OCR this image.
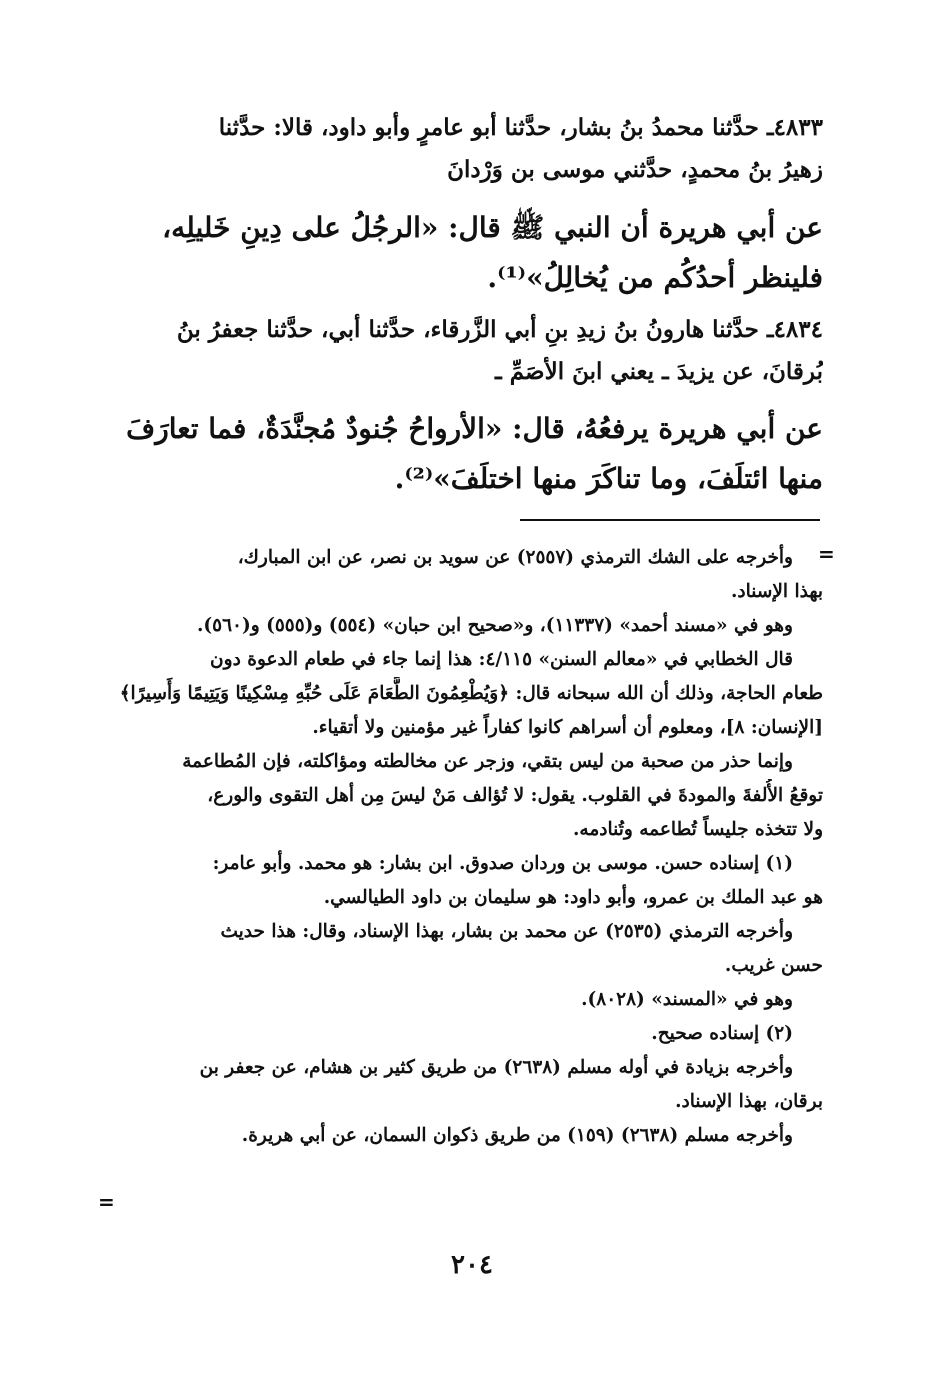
٤٨٣٣ـ حدَّثنا محمدُ بنُ بشار، حدَّثنا أبو عامرٍ وأبو داود، قالا: حدَّثنا
زهيرُ بنُ محمدٍ، حدَّثني موسى بن وَرْدانَ
عن أبي هريرة أن النبي ﷺ قال: «الرجُلُ على دِينِ خَليلِه،
فلينظر أحدُكُم من يُخالِلُ»⁽¹⁾.
٤٨٣٤ـ حدَّثنا هارونُ بنُ زيدِ بنِ أبي الزَّرقاء، حدَّثنا أبي، حدَّثنا جعفرُ بنُ
بُرقانَ، عن يزيدَ ـ يعني ابنَ الأصَمِّ ـ
عن أبي هريرة يرفعُهُ، قال: «الأرواحُ جُنودٌ مُجنَّدَةٌ، فما تعارَفَ
منها ائتلَفَ، وما تناكَرَ منها اختلَفَ»⁽²⁾.
=
=
وأخرجه على الشك الترمذي (٢٥٥٧) عن سويد بن نصر، عن ابن المبارك،
بهذا الإسناد.
وهو في «مسند أحمد» (١١٣٣٧)، و«صحيح ابن حبان» (٥٥٤) و(٥٥٥) و(٥٦٠).
قال الخطابي في «معالم السنن» ٤/١١٥: هذا إنما جاء في طعام الدعوة دون
طعام الحاجة، وذلك أن الله سبحانه قال: ﴿وَيُطْعِمُونَ الطَّعَامَ عَلَى حُبِّهِ مِسْكِينًا وَيَتِيمًا وَأَسِيرًا﴾
[الإنسان: ٨]، ومعلوم أن أسراهم كانوا كفاراً غير مؤمنين ولا أتقياء.
وإنما حذر من صحبة من ليس بتقي، وزجر عن مخالطته ومؤاكلته، فإن المُطاعمة
توقعُ الأُلفةَ والمودةَ في القلوب. يقول: لا تُؤالف مَنْ ليسَ مِن أهل التقوى والورع،
ولا تتخذه جليساً تُطاعمه وتُنادمه.
(١) إسناده حسن. موسى بن وردان صدوق. ابن بشار: هو محمد. وأبو عامر:
هو عبد الملك بن عمرو، وأبو داود: هو سليمان بن داود الطيالسي.
وأخرجه الترمذي (٢٥٣٥) عن محمد بن بشار، بهذا الإسناد، وقال: هذا حديث
حسن غريب.
وهو في «المسند» (٨٠٢٨).
(٢) إسناده صحيح.
وأخرجه بزيادة في أوله مسلم (٢٦٣٨) من طريق كثير بن هشام، عن جعفر بن
برقان، بهذا الإسناد.
وأخرجه مسلم (٢٦٣٨) (١٥٩) من طريق ذكوان السمان، عن أبي هريرة.
٢٠٤
